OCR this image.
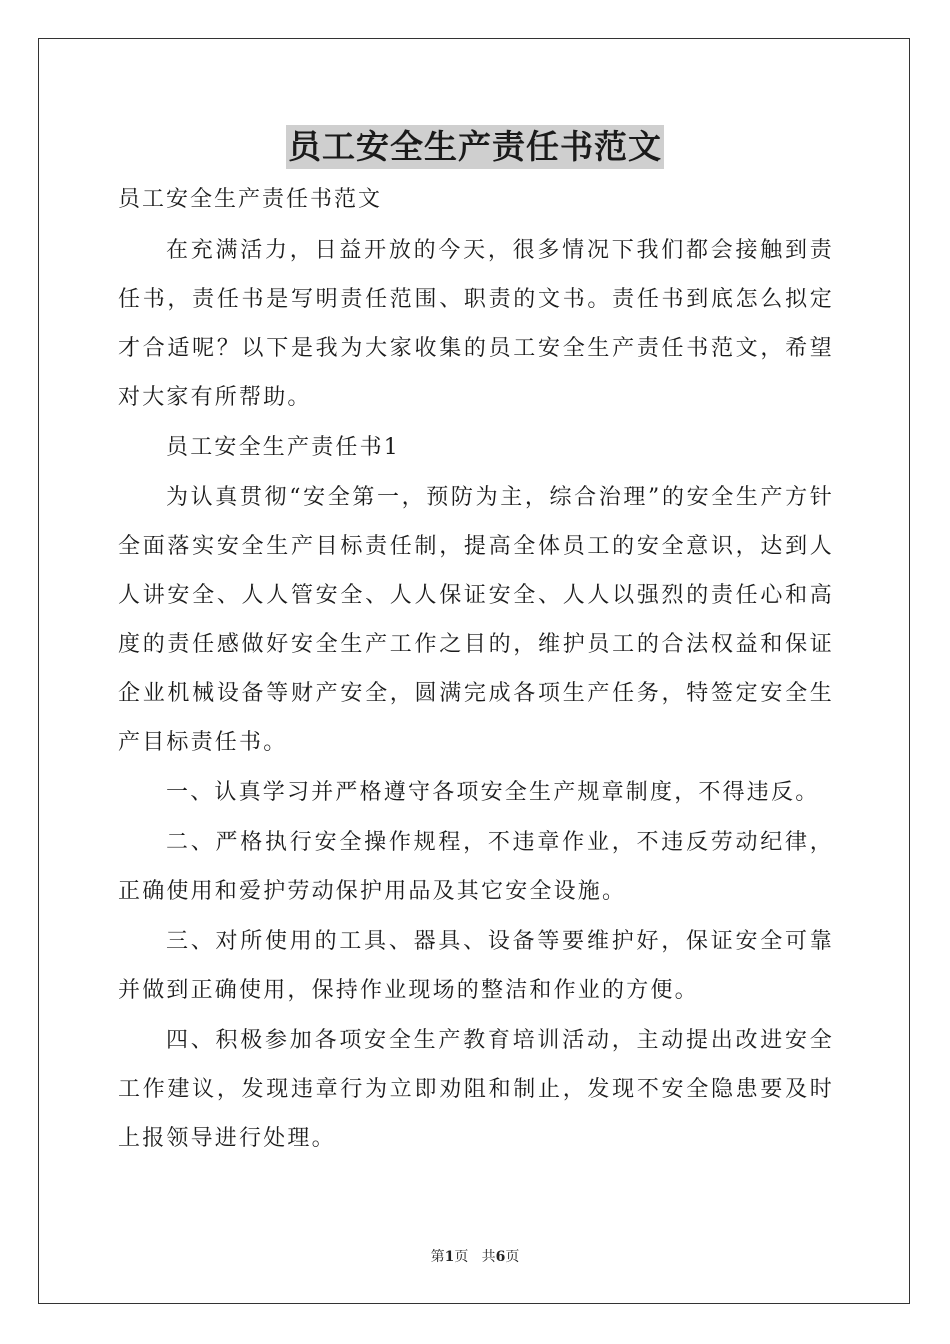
员工安全生产责任书范文
员工安全生产责任书范文

在充满活力，日益开放的今天，很多情况下我们都会接触到责任书，责任书是写明责任范围、职责的文书。责任书到底怎么拟定才合适呢？以下是我为大家收集的员工安全生产责任书范文，希望对大家有所帮助。

员工安全生产责任书1

为认真贯彻“安全第一，预防为主，综合治理”的安全生产方针全面落实安全生产目标责任制，提高全体员工的安全意识，达到人人讲安全、人人管安全、人人保证安全、人人以强烈的责任心和高度的责任感做好安全生产工作之目的，维护员工的合法权益和保证企业机械设备等财产安全，圆满完成各项生产任务，特签定安全生产目标责任书。

一、认真学习并严格遵守各项安全生产规章制度，不得违反。

二、严格执行安全操作规程，不违章作业，不违反劳动纪律，正确使用和爱护劳动保护用品及其它安全设施。

三、对所使用的工具、器具、设备等要维护好，保证安全可靠并做到正确使用，保持作业现场的整洁和作业的方便。

四、积极参加各项安全生产教育培训活动，主动提出改进安全工作建议，发现违章行为立即劝阻和制止，发现不安全隐患要及时上报领导进行处理。

第1页 共6页
